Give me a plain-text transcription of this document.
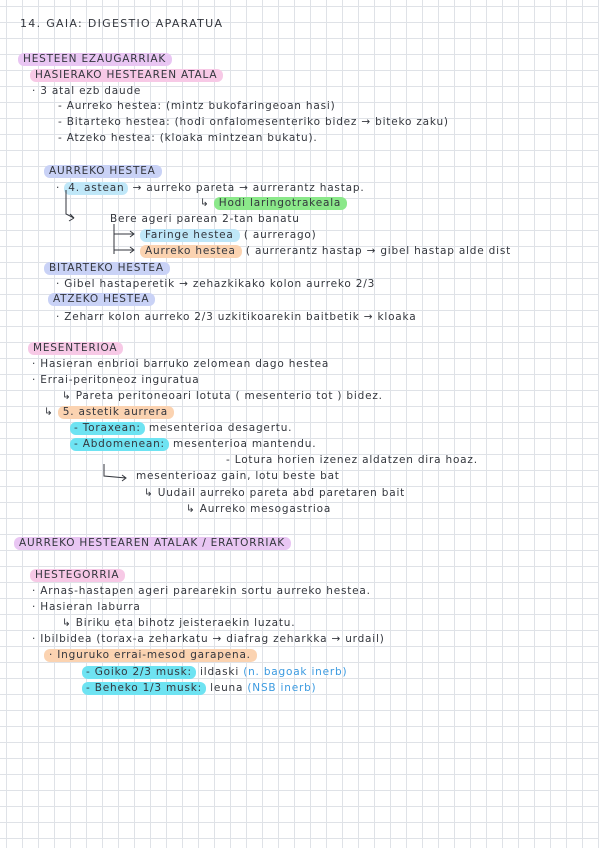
14. GAIA: DIGESTIO APARATUA
HESTEEN EZAUGARRIAK
HASIERAKO HESTEAREN ATALA
· 3 atal ezb daude
- Aurreko hestea: (mintz bukofaringeoan hasi)
- Bitarteko hestea: (hodi onfalomesenteriko bidez → biteko zaku)
- Atzeko hestea: (kloaka mintzean bukatu).
AURREKO HESTEA
· 4. astean → aurreko pareta → aurrerantz hastap.
↳ Hodi laringotrakeala
Bere ageri parean 2-tan banatu
Faringe hestea ( aurrerago)
Aurreko hestea ( aurrerantz hastap → gibel hastap alde dist
BITARTEKO HESTEA
· Gibel hastaperetik → zehazkikako kolon aurreko 2/3
ATZEKO HESTEA
· Zeharr kolon aurreko 2/3 uzkitikoarekin baitbetik → kloaka
MESENTERIOA
· Hasieran enbrioi barruko zelomean dago hestea
· Errai-peritoneoz inguratua
↳ Pareta peritoneoari lotuta ( mesenterio tot ) bidez.
↳ 5. astetik aurrera
- Toraxean: mesenterioa desagertu.
- Abdomenean: mesenterioa mantendu.
- Lotura horien izenez aldatzen dira hoaz.
mesenterioaz gain, lotu beste bat
↳ Uudail aurreko pareta abd paretaren bait
↳ Aurreko mesogastrioa
AURREKO HESTEAREN ATALAK / ERATORRIAK
HESTEGORRIA
· Arnas-hastapen ageri parearekin sortu aurreko hestea.
· Hasieran laburra
↳ Biriku eta bihotz jeisteraekin luzatu.
· Ibilbidea (torax-a zeharkatu → diafrag zeharkka → urdail)
· Inguruko errai-mesod garapena.
- Goiko 2/3 musk: ildaski (n. bagoak inerb)
- Beheko 1/3 musk: leuna (NSB inerb)
